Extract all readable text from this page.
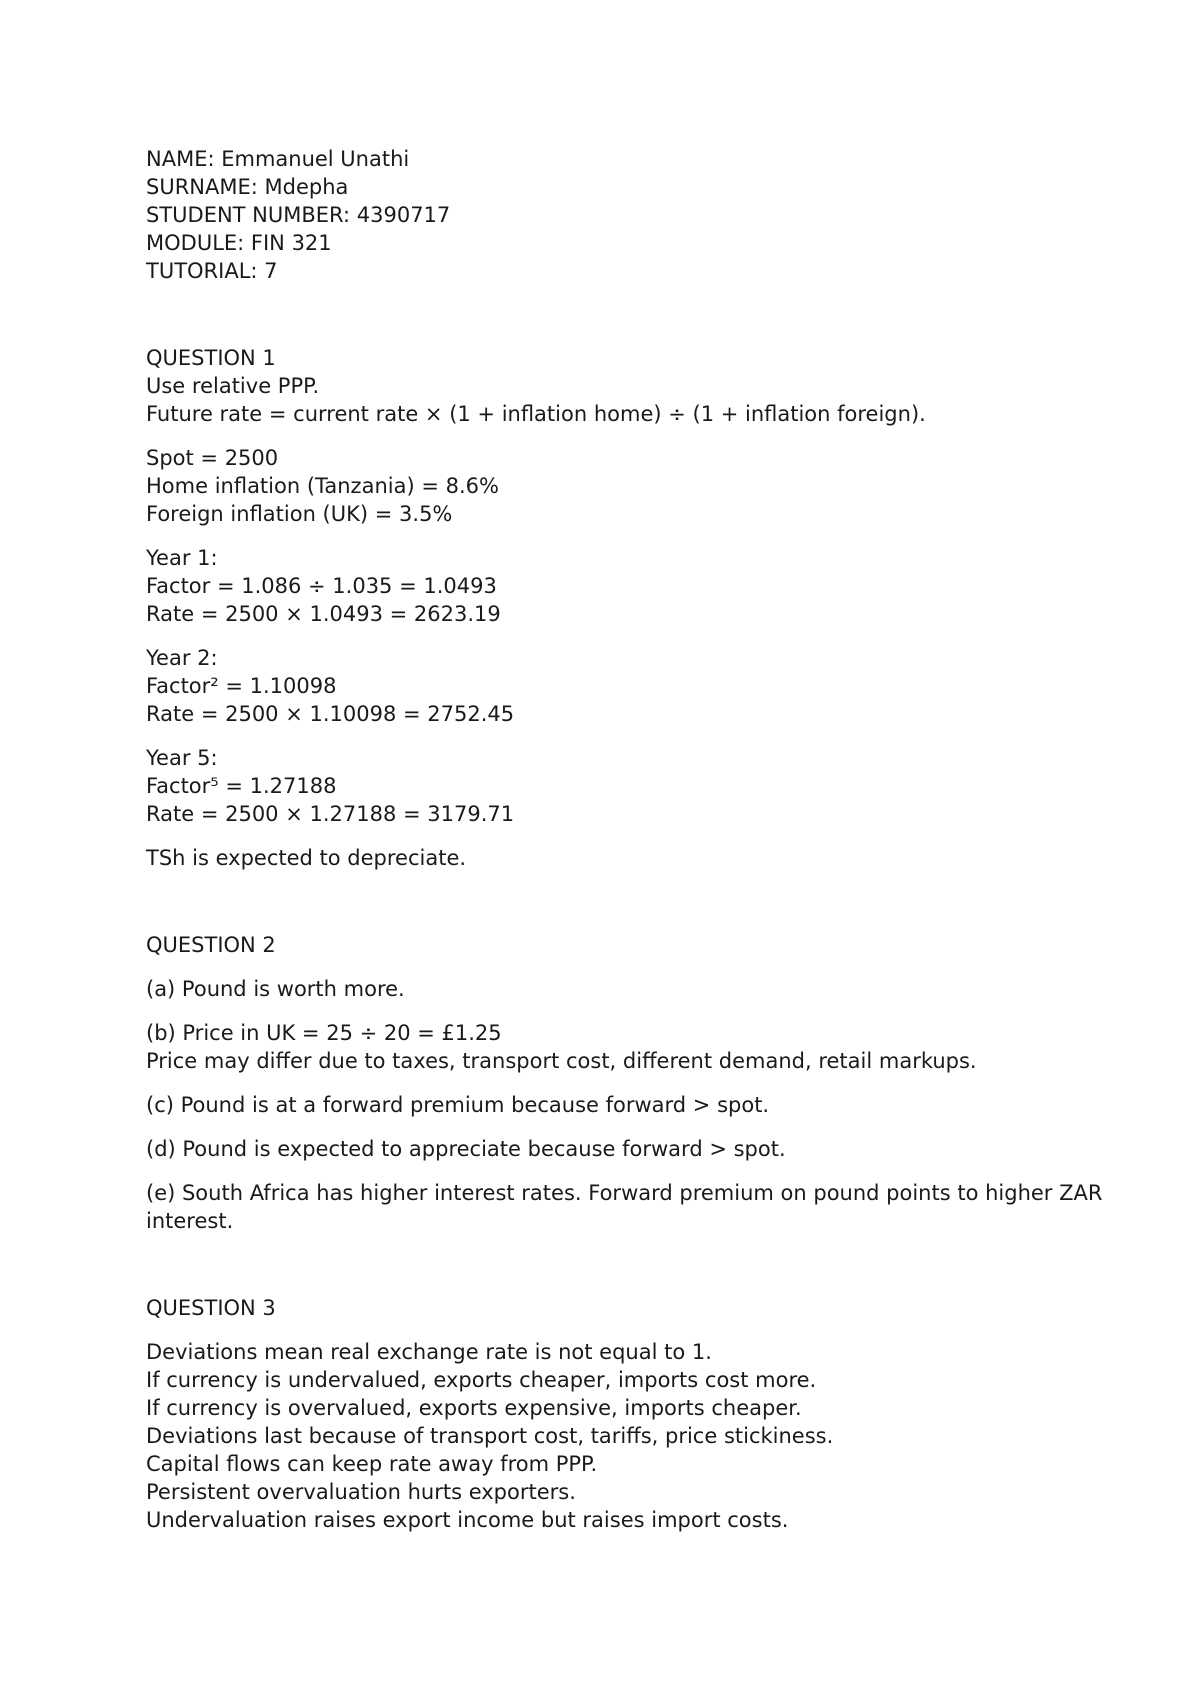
NAME: Emmanuel Unathi
SURNAME: Mdepha
STUDENT NUMBER: 4390717
MODULE: FIN 321
TUTORIAL: 7
QUESTION 1
Use relative PPP.
Future rate = current rate × (1 + inflation home) ÷ (1 + inflation foreign).
Spot = 2500
Home inflation (Tanzania) = 8.6%
Foreign inflation (UK) = 3.5%
Year 1:
Factor = 1.086 ÷ 1.035 = 1.0493
Rate = 2500 × 1.0493 = 2623.19
Year 2:
Factor² = 1.10098
Rate = 2500 × 1.10098 = 2752.45
Year 5:
Factor⁵ = 1.27188
Rate = 2500 × 1.27188 = 3179.71
TSh is expected to depreciate.
QUESTION 2
(a) Pound is worth more.
(b) Price in UK = 25 ÷ 20 = £1.25
Price may differ due to taxes, transport cost, different demand, retail markups.
(c) Pound is at a forward premium because forward > spot.
(d) Pound is expected to appreciate because forward > spot.
(e) South Africa has higher interest rates. Forward premium on pound points to higher ZAR interest.
QUESTION 3
Deviations mean real exchange rate is not equal to 1.
If currency is undervalued, exports cheaper, imports cost more.
If currency is overvalued, exports expensive, imports cheaper.
Deviations last because of transport cost, tariffs, price stickiness.
Capital flows can keep rate away from PPP.
Persistent overvaluation hurts exporters.
Undervaluation raises export income but raises import costs.
